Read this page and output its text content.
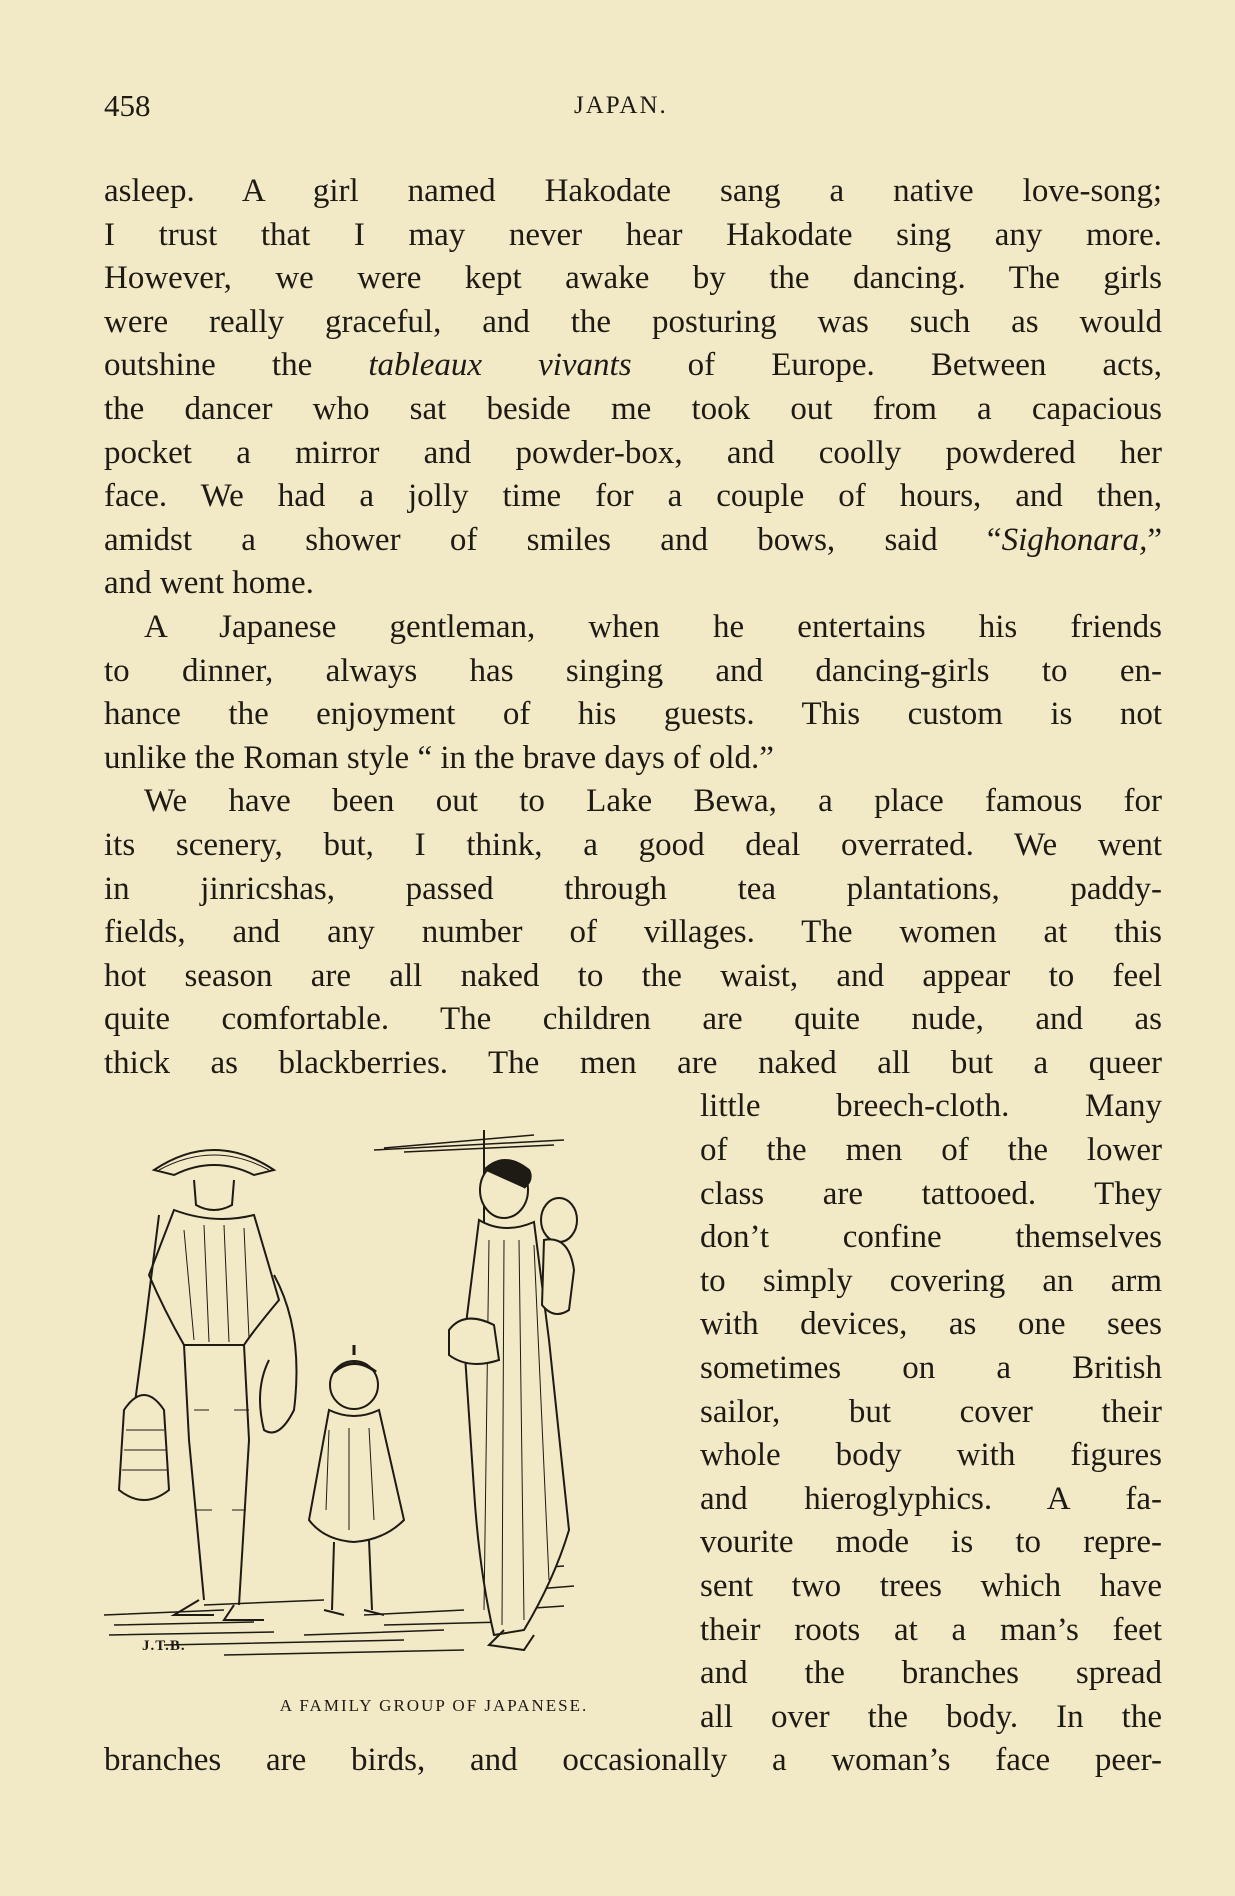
458	JAPAN.
asleep. A girl named Hakodate sang a native love-song;
I trust that I may never hear Hakodate sing any more.
However, we were kept awake by the dancing. The girls
were really graceful, and the posturing was such as would
outshine the tableaux vivants of Europe. Between acts,
the dancer who sat beside me took out from a capacious
pocket a mirror and powder-box, and coolly powdered her
face. We had a jolly time for a couple of hours, and then,
amidst a shower of smiles and bows, said “Sighonara,”
and went home.
A Japanese gentleman, when he entertains his friends
to dinner, always has singing and dancing-girls to en-
hance the enjoyment of his guests. This custom is not
unlike the Roman style “ in the brave days of old.”
We have been out to Lake Bewa, a place famous for
its scenery, but, I think, a good deal overrated. We went
in jinricshas, passed through tea plantations, paddy-
fields, and any number of villages. The women at this
hot season are all naked to the waist, and appear to feel
quite comfortable. The children are quite nude, and as
thick as blackberries. The men are naked all but a queer
little breech-cloth. Many
of the men of the lower
class are tattooed. They
don’t confine themselves
to simply covering an arm
with devices, as one sees
sometimes on a British
sailor, but cover their
whole body with figures
and hieroglyphics. A fa-
vourite mode is to repre-
sent two trees which have
their roots at a man’s feet
and the branches spread
all over the body. In the
branches are birds, and occasionally a woman’s face peer-
J.T.B.
A FAMILY GROUP OF JAPANESE.
